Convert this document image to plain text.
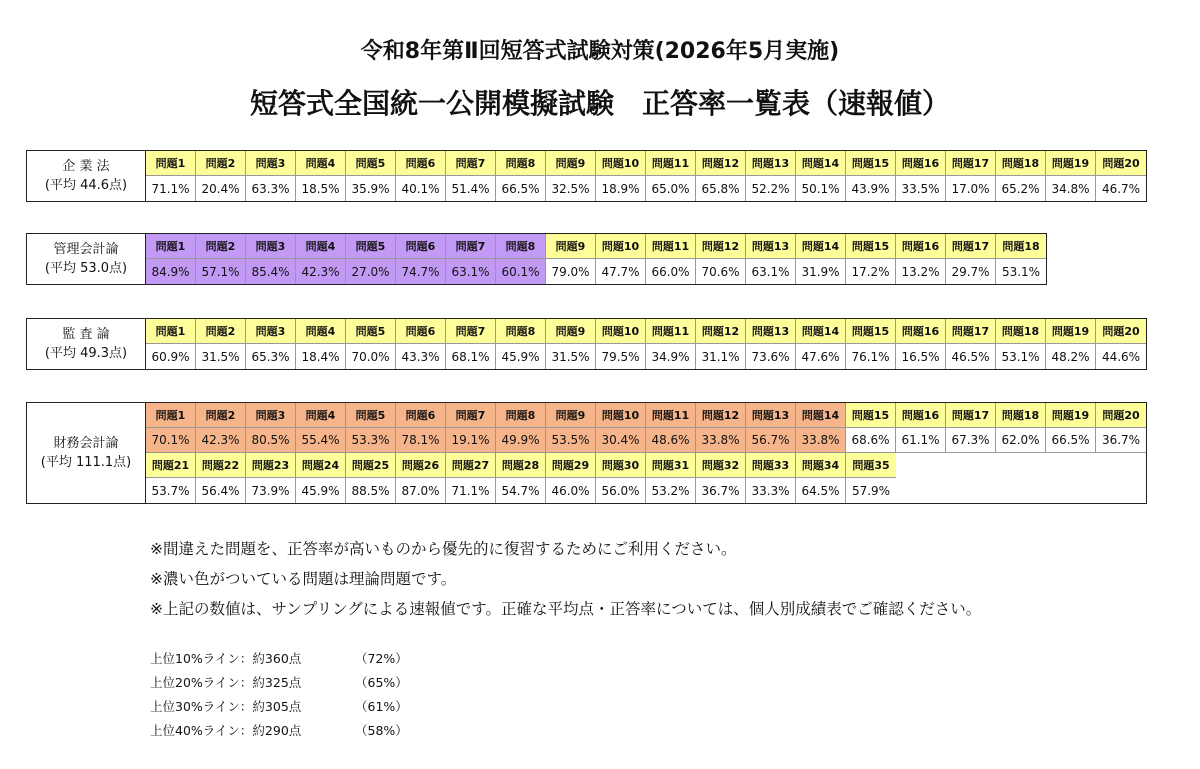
令和8年第Ⅱ回短答式試験対策(2026年5月実施)
短答式全国統一公開模擬試験　正答率一覧表（速報値）
企 業 法
(平均 44.6点)
問題1	問題2	問題3	問題4	問題5	問題6	問題7	問題8	問題9	問題10	問題11	問題12	問題13	問題14	問題15	問題16	問題17	問題18	問題19	問題20
71.1% 20.4% 63.3% 18.5% 35.9% 40.1% 51.4% 66.5% 32.5% 18.9% 65.0% 65.8% 52.2% 50.1% 43.9% 33.5% 17.0% 65.2% 34.8%	46.7%
管理会計論
(平均 53.0点)
問題1	問題2	問題3	問題4	問題5	問題6	問題7	問題8	問題9	問題10	問題11	問題12	問題13	問題14	問題15	問題16	問題17	問題18
84.9% 57.1% 85.4% 42.3% 27.0% 74.7% 63.1% 60.1% 79.0% 47.7% 66.0% 70.6% 63.1% 31.9% 17.2% 13.2% 29.7%	53.1%
監 査 論
(平均 49.3点)
問題1	問題2	問題3	問題4	問題5	問題6	問題7	問題8	問題9	問題10	問題11	問題12	問題13	問題14	問題15	問題16	問題17	問題18	問題19	問題20
60.9% 31.5% 65.3% 18.4% 70.0% 43.3% 68.1% 45.9% 31.5% 79.5% 34.9% 31.1% 73.6% 47.6% 76.1% 16.5% 46.5% 53.1% 48.2%	44.6%
財務会計論
(平均 111.1点)
問題1	問題2	問題3	問題4	問題5	問題6	問題7	問題8	問題9	問題10	問題11	問題12	問題13	問題14	問題15	問題16	問題17	問題18	問題19	問題20
70.1% 42.3% 80.5% 55.4% 53.3% 78.1% 19.1% 49.9% 53.5% 30.4% 48.6% 33.8% 56.7% 33.8% 68.6% 61.1% 67.3% 62.0% 66.5%	36.7%
問題21	問題22	問題23	問題24	問題25	問題26	問題27	問題28	問題29	問題30	問題31	問題32	問題33	問題34	問題35
53.7% 56.4% 73.9% 45.9% 88.5% 87.0% 71.1% 54.7% 46.0% 56.0% 53.2% 36.7% 33.3% 64.5%	57.9%
※間違えた問題を、正答率が高いものから優先的に復習するためにご利用ください。
※濃い色がついている問題は理論問題です。
※上記の数値は、サンプリングによる速報値です。正確な平均点・正答率については、個人別成績表でご確認ください。
上位10%ライン：約360点	（72%）
上位20%ライン：約325点	（65%）
上位30%ライン：約305点	（61%）
上位40%ライン：約290点	（58%）
